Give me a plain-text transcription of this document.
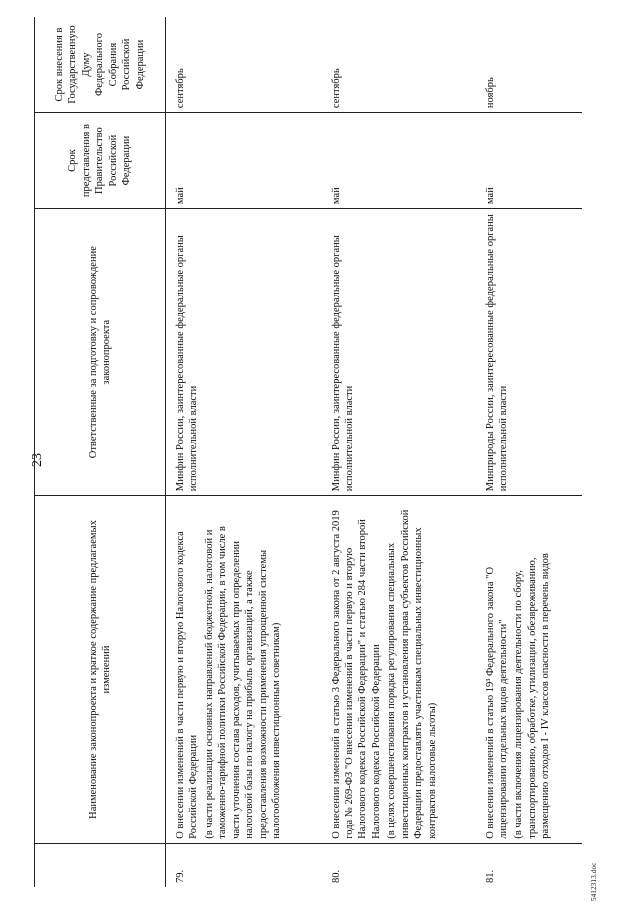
23
	Наименование законопроекта и краткое содержание предлагаемых изменений	Ответственные за подготовку и сопровождение законопроекта	Срок представления в Правительство Российской Федерации	Срок внесения в Государственную Думу Федерального Собрания Российской Федерации
79.	О внесении изменений в части первую и вторую Налогового кодекса Российской Федерации (в части реализации основных направлений бюджетной, налоговой и таможенно-тарифной политики Российской Федерации, в том числе в части уточнения состава расходов, учитываемых при определении налоговой базы по налогу на прибыль организаций, а также предоставления возможности применения упрощенной системы налогообложения инвестиционным советникам)	Минфин России, заинтересованные федеральные органы исполнительной власти	май	сентябрь
80.	О внесении изменений в статью 3 Федерального закона от 2 августа 2019 года № 269-ФЗ "О внесении изменений в части первую и вторую Налогового кодекса Российской Федерации" и статью 284 части второй Налогового кодекса Российской Федерации (в целях совершенствования порядка регулирования специальных инвестиционных контрактов и установления права субъектов Российской Федерации предоставлять участникам специальных инвестиционных контрактов налоговые льготы)	Минфин России, заинтересованные федеральные органы исполнительной власти	май	сентябрь
81.	О внесении изменений в статью 19³ Федерального закона "О лицензировании отдельных видов деятельности" (в части включения лицензирования деятельности по сбору, транспортированию, обработке, утилизации, обезвреживанию, размещению отходов I - IV классов опасности в перечень видов	Минприроды России, заинтересованные федеральные органы исполнительной власти	май	ноябрь
5412313.doc
